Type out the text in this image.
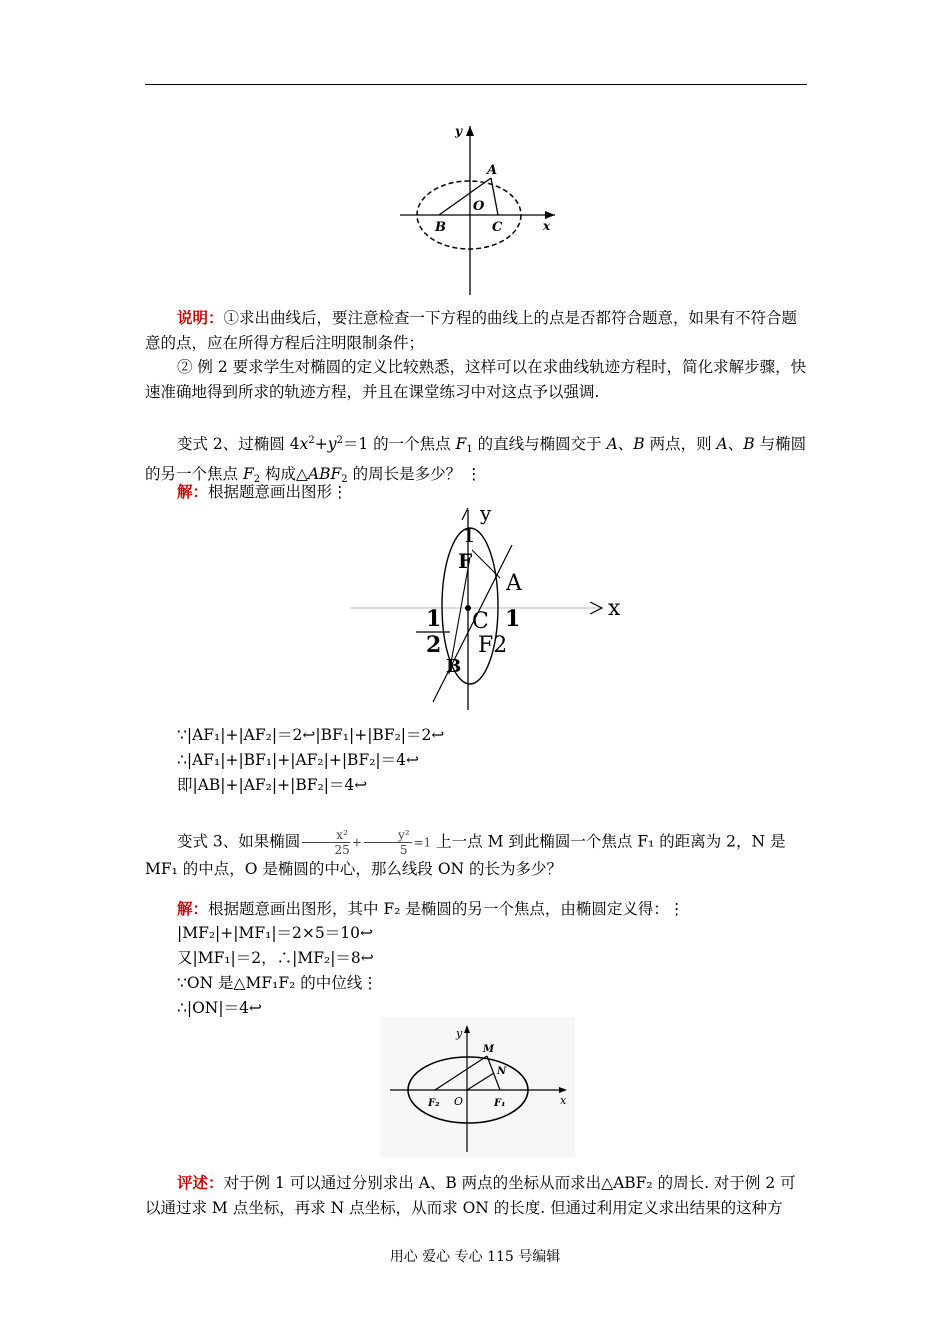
y
A
O
B	C	x
说明：①求出曲线后，要注意检查一下方程的曲线上的点是否都符合题意，如果有不符合题意的点，应在所得方程后注明限制条件；
② 例 2 要求学生对椭圆的定义比较熟悉，这样可以在求曲线轨迹方程时，简化求解步骤，快速准确地得到所求的轨迹方程，并且在课堂练习中对这点予以强调.
变式 2、过椭圆 $4x^2+y^2=1$ 的一个焦点 $F_1$ 的直线与椭圆交于 A、B 两点，则 A、B 与椭圆的另一个焦点 $F_2$ 构成$\triangle ABF_2$ 的周长是多少？ ⋮
解：根据题意画出图形⋮
y
1
F
A
x
1 C 1
2 F2
B
∵|AF₁|+|AF₂|＝2↩|BF₁|+|BF₂|＝2↩
∴|AF₁|+|BF₁|+|AF₂|+|BF₂|＝4↩
即|AB|+|AF₂|+|BF₂|＝4↩
变式 3、如果椭圆 $\frac{\text{x²}}{25} + \frac{\text{y²}}{5} =1$ 上一点 M 到此椭圆一个焦点 F₁ 的距离为 2，N 是 MF₁ 的中点，O 是椭圆的中心，那么线段 ON 的长为多少？
解：根据题意画出图形，其中 F₂ 是椭圆的另一个焦点，由椭圆定义得：⋮
|MF₂|+|MF₁|＝2×5＝10↩
又|MF₁|＝2，∴|MF₂|＝8↩
∵ON 是△MF₁F₂ 的中位线⋮
∴|ON|＝4↩
y
M
N
x
F₂ O	F₁
评述：对于例 1 可以通过分别求出 A、B 两点的坐标从而求出△ABF₂ 的周长. 对于例 2 可以通过求 M 点坐标，再求 N 点坐标，从而求 ON 的长度. 但通过利用定义求出结果的这种方
用心 爱心 专心 115 号编辑
